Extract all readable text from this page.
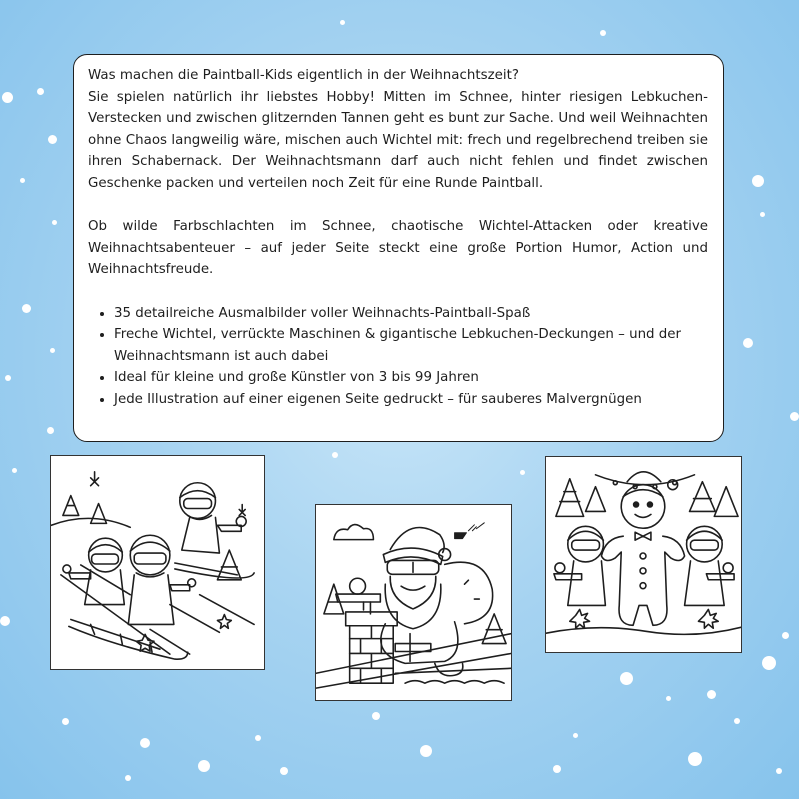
Was machen die Paintball-Kids eigentlich in der Weihnachtszeit?

Sie spielen natürlich ihr liebstes Hobby! Mitten im Schnee, hinter riesigen Lebkuchen-Verstecken und zwischen glitzernden Tannen geht es bunt zur Sache. Und weil Weihnachten ohne Chaos langweilig wäre, mischen auch Wichtel mit: frech und regelbrechend treiben sie ihren Schabernack. Der Weihnachtsmann darf auch nicht fehlen und findet zwischen Geschenke packen und verteilen noch Zeit für eine Runde Paintball.

Ob wilde Farbschlachten im Schnee, chaotische Wichtel-Attacken oder kreative Weihnachtsabenteuer – auf jeder Seite steckt eine große Portion Humor, Action und Weihnachtsfreude.

• 35 detailreiche Ausmalbilder voller Weihnachts-Paintball-Spaß
• Freche Wichtel, verrückte Maschinen & gigantische Lebkuchen-Deckungen – und der Weihnachtsmann ist auch dabei
• Ideal für kleine und große Künstler von 3 bis 99 Jahren
• Jede Illustration auf einer eigenen Seite gedruckt – für sauberes Malvergnügen
